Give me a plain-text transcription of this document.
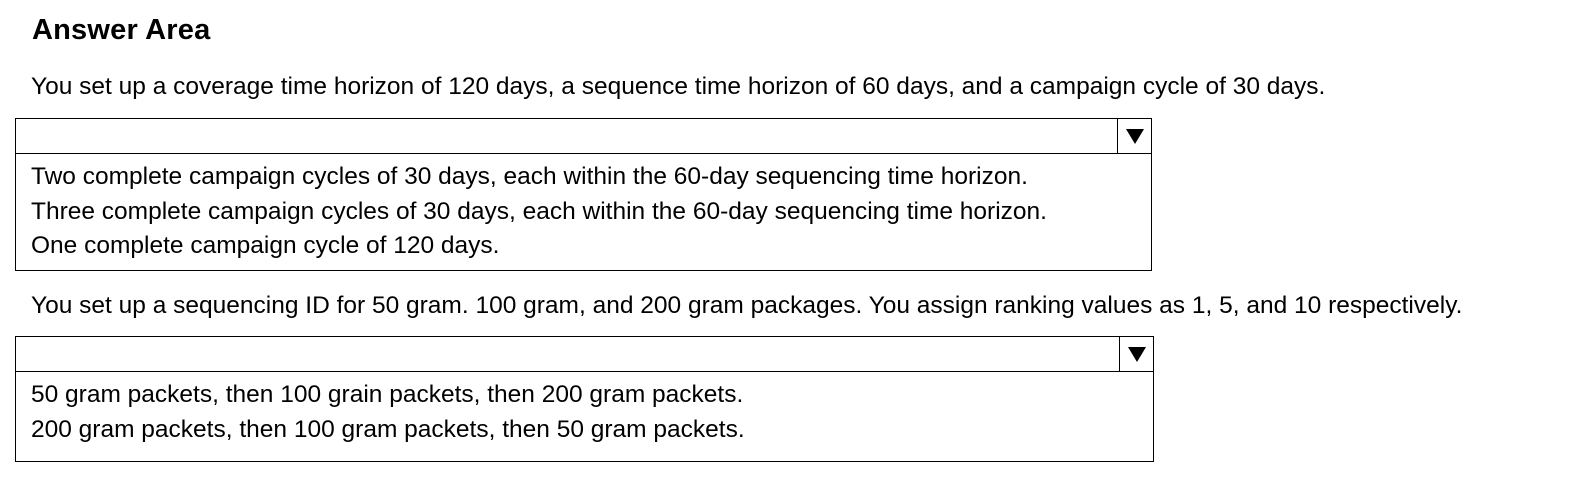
Answer Area
You set up a coverage time horizon of 120 days, a sequence time horizon of 60 days, and a campaign cycle of 30 days.
Two complete campaign cycles of 30 days, each within the 60-day sequencing time horizon.
Three complete campaign cycles of 30 days, each within the 60-day sequencing time horizon.
One complete campaign cycle of 120 days.
You set up a sequencing ID for 50 gram. 100 gram, and 200 gram packages. You assign ranking values as 1, 5, and 10 respectively.
50 gram packets, then 100 grain packets, then 200 gram packets.
200 gram packets, then 100 gram packets, then 50 gram packets.
